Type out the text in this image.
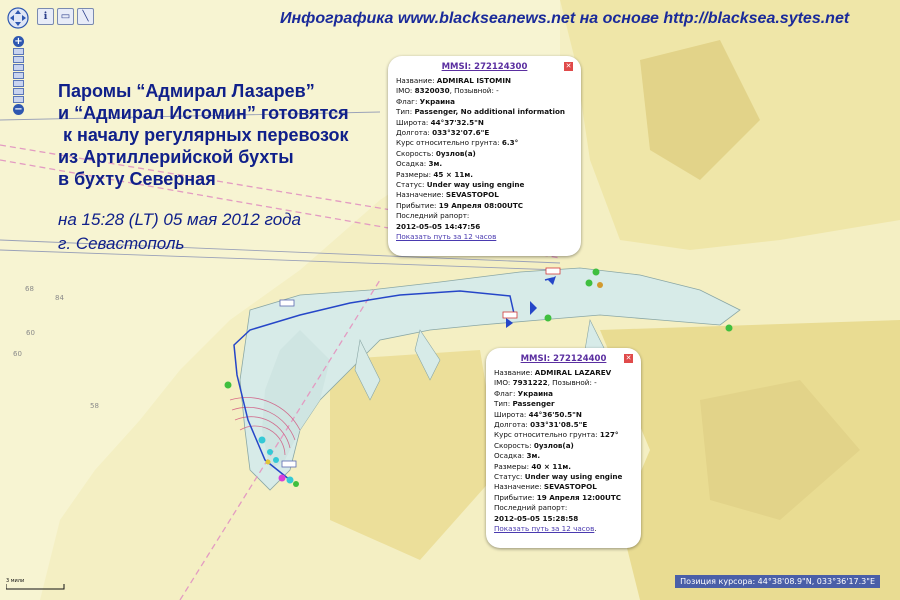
68
84
60
58
60
+
−
ℹ	▭	╲	Инфографика www.blackseanews.net на основе http://blacksea.sytes.net
Паромы “Адмирал Лазарев”
и “Адмирал Истомин” готовятся
к началу регулярных перевозок
из Артиллерийской бухты
в бухту Северная
на 15:28 (LT) 05 мая 2012 года
г. Севастополь
MMSI: 272124300	✕
Название: ADMIRAL ISTOMIN
IMO: 8320030, Позывной: -
Флаг: Украина
Тип: Passenger, No additional information
Широта: 44°37'32.5"N
Долгота: 033°32'07.6"E
Курс относительно грунта: 6.3°
Скорость: 0узлов(а)
Осадка: 3м.
Размеры: 45 × 11м.
Статус: Under way using engine
Назначение: SEVASTOPOL
Прибытие: 19 Апреля 08:00UTC
Последний рапорт:
2012-05-05 14:47:56
Показать путь за 12 часов
MMSI: 272124400	✕
Название: ADMIRAL LAZAREV
IMO: 7931222, Позывной: -
Флаг: Украина
Тип: Passenger
Широта: 44°36'50.5"N
Долгота: 033°31'08.5"E
Курс относительно грунта: 127°
Скорость: 0узлов(а)
Осадка: 3м.
Размеры: 40 × 11м.
Статус: Under way using engine
Назначение: SEVASTOPOL
Прибытие: 19 Апреля 12:00UTC
Последний рапорт:
2012-05-05 15:28:58
Показать путь за 12 часов.
3 мили	Позиция курсора: 44°38'08.9"N, 033°36'17.3"E
